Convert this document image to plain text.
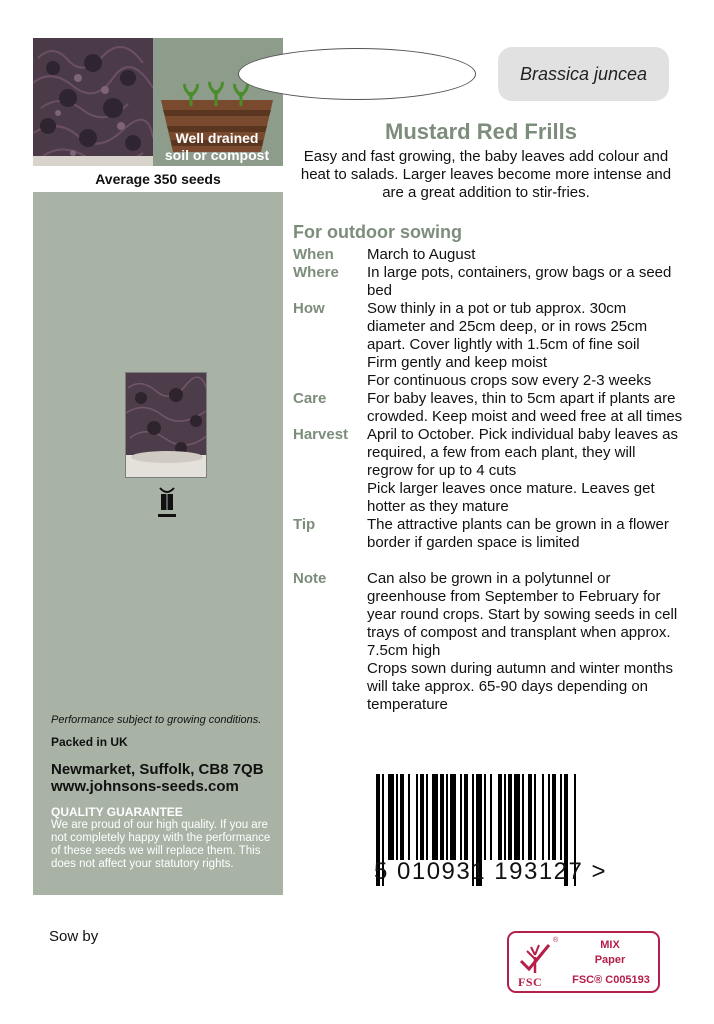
Well drained
soil or compost
Average 350 seeds
Performance subject to growing conditions.
Packed in UK
Newmarket, Suffolk, CB8 7QB
www.johnsons-seeds.com
QUALITY GUARANTEE
We are proud of our high quality. If you are not completely happy with the performance of these seeds we will replace them. This does not affect your statutory rights.
Brassica juncea
Mustard Red Frills
Easy and fast growing, the baby leaves add colour and heat to salads. Larger leaves become more intense and are a great addition to stir-fries.
For outdoor sowing
When	March to August
Where	In large pots, containers, grow bags or a seed bed
How	Sow thinly in a pot or tub approx. 30cm diameter and 25cm deep, or in rows 25cm apart. Cover lightly with 1.5cm of fine soil
Firm gently and keep moist
For continuous crops sow every 2-3 weeks
Care	For baby leaves, thin to 5cm apart if plants are crowded. Keep moist and weed free at all times
Harvest	April to October. Pick individual baby leaves as required, a few from each plant, they will regrow for up to 4 cuts
Pick larger leaves once mature. Leaves get hotter as they mature
Tip	The attractive plants can be grown in a flower border if garden space is limited
Note	Can also be grown in a polytunnel or greenhouse from September to February for year round crops. Start by sowing seeds in cell trays of compost and transplant when approx. 7.5cm high
Crops sown during autumn and winter months will take approx. 65-90 days depending on temperature
5 010931 193127 >
Sow by	®
FSC
MIX
Paper
FSC® C005193
